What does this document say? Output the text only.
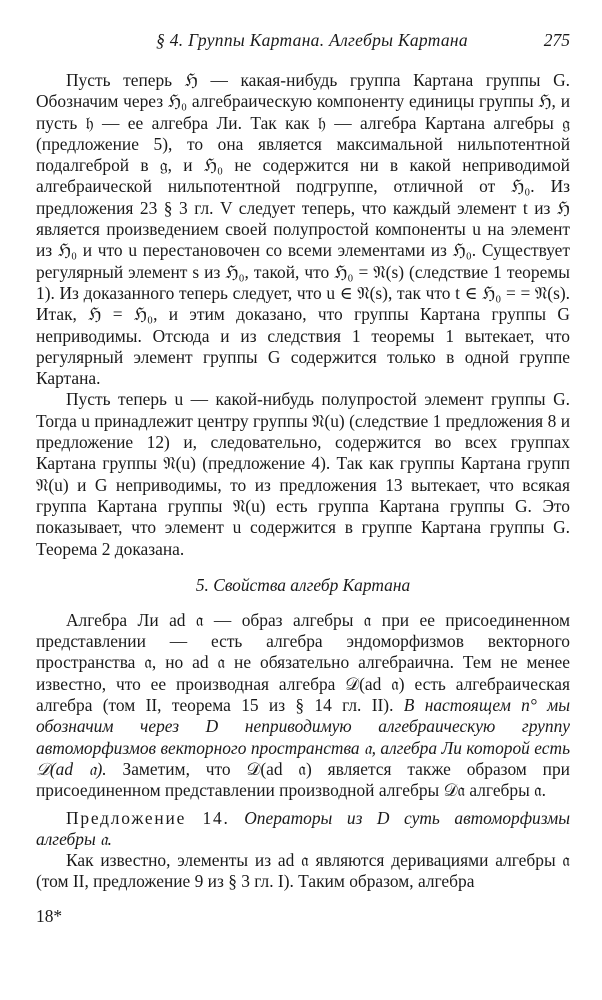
§ 4. Группы Картана. Алгебры Картана	275

Пусть теперь ℌ — какая-нибудь группа Картана группы G. Обозначим через ℌ₀ алгебраическую компоненту единицы группы ℌ, и пусть 𝔥 — ее алгебра Ли. Так как 𝔥 — алгебра Картана алгебры 𝔤 (предложение 5), то она является максимальной нильпотентной подалгеброй в 𝔤, и ℌ₀ не содержится ни в какой неприводимой алгебраической нильпотентной подгруппе, отличной от ℌ₀. Из предложения 23 § 3 гл. V следует теперь, что каждый элемент t из ℌ является произведением своей полупростой компоненты u на элемент из ℌ₀ и что u перестановочен со всеми элементами из ℌ₀. Существует регулярный элемент s из ℌ₀, такой, что ℌ₀ = 𝔑(s) (следствие 1 теоремы 1). Из доказанного теперь следует, что u ∈ 𝔑(s), так что t ∈ ℌ₀ = = 𝔑(s). Итак, ℌ = ℌ₀, и этим доказано, что группы Картана группы G неприводимы. Отсюда и из следствия 1 теоремы 1 вытекает, что регулярный элемент группы G содержится только в одной группе Картана.

Пусть теперь u — какой-нибудь полупростой элемент группы G. Тогда u принадлежит центру группы 𝔑(u) (следствие 1 предложения 8 и предложение 12) и, следовательно, содержится во всех группах Картана группы 𝔑(u) (предложение 4). Так как группы Картана групп 𝔑(u) и G неприводимы, то из предложения 13 вытекает, что всякая группа Картана группы 𝔑(u) есть группа Картана группы G. Это показывает, что элемент u содержится в группе Картана группы G. Теорема 2 доказана.

5. Свойства алгебр Картана

Алгебра Ли ad 𝔞 — образ алгебры 𝔞 при ее присоединенном представлении — есть алгебра эндоморфизмов векторного пространства 𝔞, но ad 𝔞 не обязательно алгебраична. Тем не менее известно, что ее производная алгебра 𝒟(ad 𝔞) есть алгебраическая алгебра (том II, теорема 15 из § 14 гл. II). В настоящем n° мы обозначим через D неприводимую алгебраическую группу автоморфизмов векторного пространства 𝔞, алгебра Ли которой есть 𝒟(ad 𝔞). Заметим, что 𝒟(ad 𝔞) является также образом при присоединенном представлении производной алгебры 𝒟𝔞 алгебры 𝔞.

Предложение 14. Операторы из D суть автоморфизмы алгебры 𝔞.

Как известно, элементы из ad 𝔞 являются деривациями алгебры 𝔞 (том II, предложение 9 из § 3 гл. I). Таким образом, алгебра

18*
